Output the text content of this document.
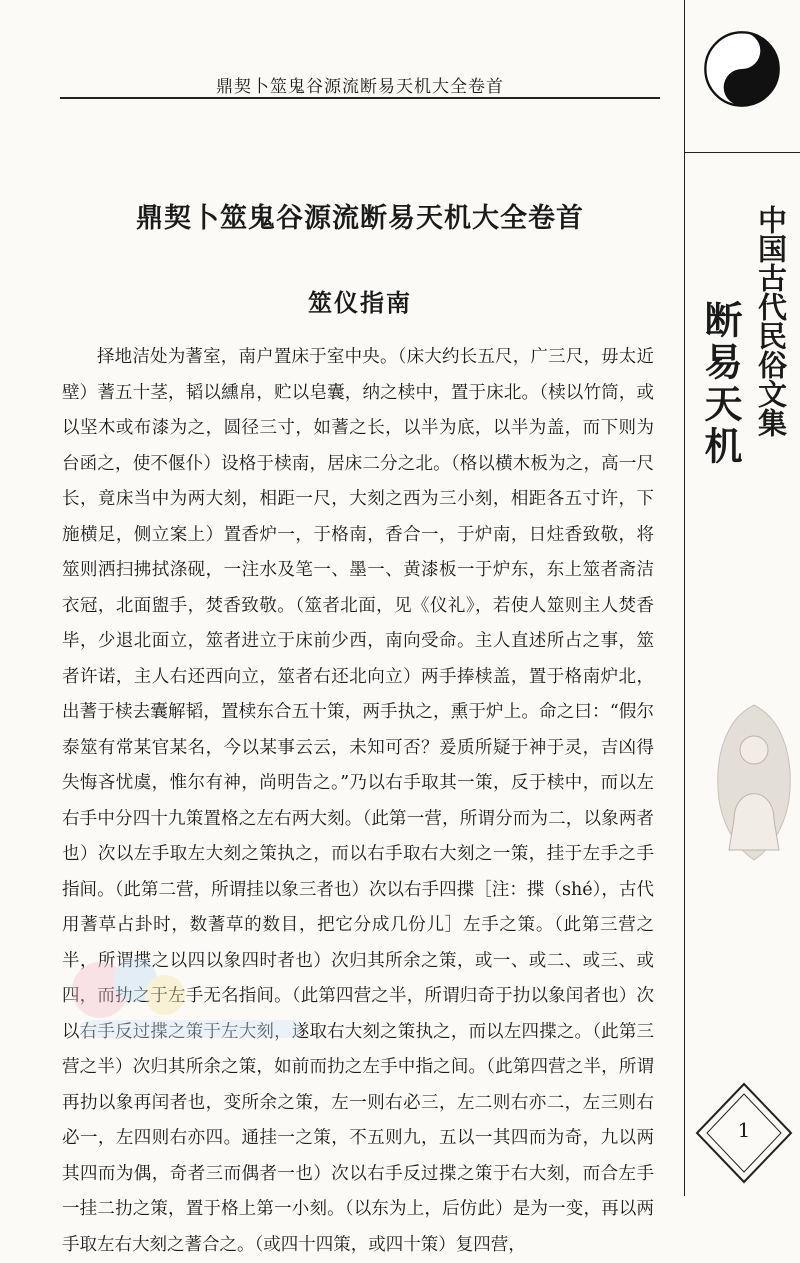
鼎契卜筮鬼谷源流断易天机大全卷首
鼎契卜筮鬼谷源流断易天机大全卷首
筮仪指南

择地洁处为蓍室，南户置床于室中央。（床大约长五尺，广三尺，毋太近壁）蓍五十茎，韬以纁帛，贮以皂囊，纳之椟中，置于床北。（椟以竹筒，或以坚木或布漆为之，圆径三寸，如蓍之长，以半为底，以半为盖，而下则为台函之，使不偃仆）设格于椟南，居床二分之北。（格以横木板为之，高一尺长，竟床当中为两大刻，相距一尺，大刻之西为三小刻，相距各五寸许，下施横足，侧立案上）置香炉一，于格南，香合一，于炉南，日炷香致敬，将筮则洒扫拂拭涤砚，一注水及笔一、墨一、黄漆板一于炉东，东上筮者斋洁衣冠，北面盥手，焚香致敬。（筮者北面，见《仪礼》，若使人筮则主人焚香毕，少退北面立，筮者进立于床前少西，南向受命。主人直述所占之事，筮者许诺，主人右还西向立，筮者右还北向立）两手捧椟盖，置于格南炉北，出蓍于椟去囊解韬，置椟东合五十策，两手执之，熏于炉上。命之曰：“假尔泰筮有常某官某名，今以某事云云，未知可否？爰质所疑于神于灵，吉凶得失悔吝忧虞，惟尔有神，尚明告之。”乃以右手取其一策，反于椟中，而以左右手中分四十九策置格之左右两大刻。（此第一营，所谓分而为二，以象两者也）次以左手取左大刻之策执之，而以右手取右大刻之一策，挂于左手之手指间。（此第二营，所谓挂以象三者也）次以右手四揲［注：揲（shé），古代用蓍草占卦时，数蓍草的数目，把它分成几份儿］左手之策。（此第三营之半，所谓揲之以四以象四时者也）次归其所余之策，或一、或二、或三、或四，而扐之于左手无名指间。（此第四营之半，所谓归奇于扐以象闰者也）次以右手反过揲之策于左大刻，遂取右大刻之策执之，而以左四揲之。（此第三营之半）次归其所余之策，如前而扐之左手中指之间。（此第四营之半，所谓再扐以象再闰者也，变所余之策，左一则右必三，左二则右亦二，左三则右必一，左四则右亦四。通挂一之策，不五则九，五以一其四而为奇，九以两其四而为偶，奇者三而偶者一也）次以右手反过揲之策于右大刻，而合左手一挂二扐之策，置于格上第一小刻。（以东为上，后仿此）是为一变，再以两手取左右大刻之蓍合之。（或四十四策，或四十策）复四营，

中国古代民俗文集
断易天机
1
